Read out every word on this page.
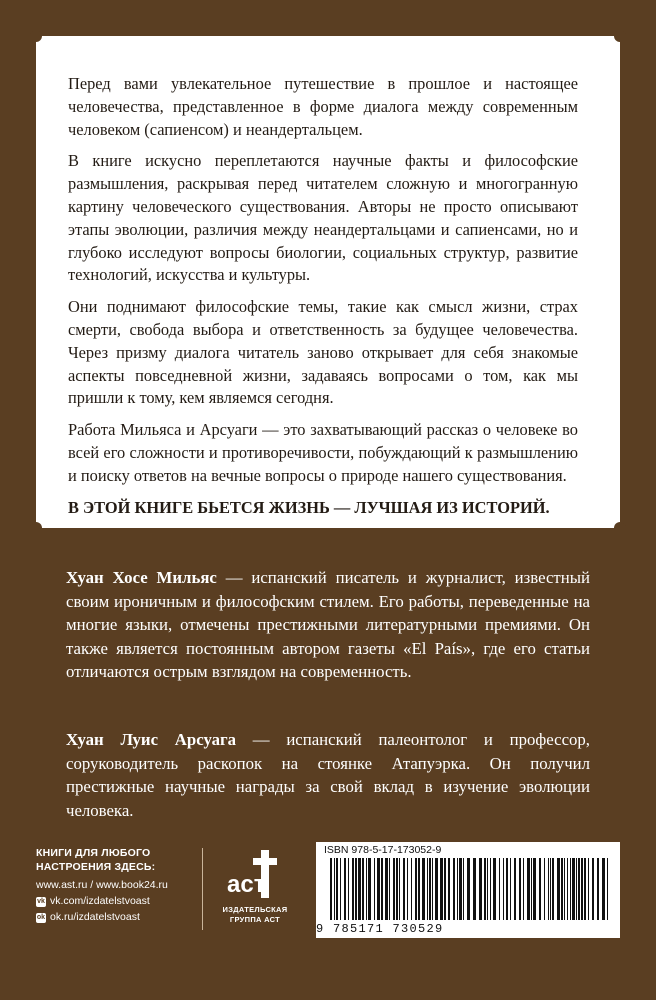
Перед вами увлекательное путешествие в прошлое и настоящее человечества, представленное в форме диалога между современным человеком (сапиенсом) и неандертальцем.

В книге искусно переплетаются научные факты и философские размышления, раскрывая перед читателем сложную и многогранную картину человеческого существования. Авторы не просто описывают этапы эволюции, различия между неандертальцами и сапиенсами, но и глубоко исследуют вопросы биологии, социальных структур, развитие технологий, искусства и культуры.

Они поднимают философские темы, такие как смысл жизни, страх смерти, свобода выбора и ответственность за будущее человечества. Через призму диалога читатель заново открывает для себя знакомые аспекты повседневной жизни, задаваясь вопросами о том, как мы пришли к тому, кем являемся сегодня.

Работа Мильяса и Арсуаги — это захватывающий рассказ о человеке во всей его сложности и противоречивости, побуждающий к размышлению и поиску ответов на вечные вопросы о природе нашего существования.

В ЭТОЙ КНИГЕ БЬЕТСЯ ЖИЗНЬ — ЛУЧШАЯ ИЗ ИСТОРИЙ.

Хуан Хосе Мильяс — испанский писатель и журналист, известный своим ироничным и философским стилем. Его работы, переведенные на многие языки, отмечены престижными литературными премиями. Он также является постоянным автором газеты «El País», где его статьи отличаются острым взглядом на современность.

Хуан Луис Арсуага — испанский палеонтолог и профессор, соруководитель раскопок на стоянке Атапуэрка. Он получил престижные научные награды за свой вклад в изучение эволюции человека.

КНИГИ ДЛЯ ЛЮБОГО
НАСТРОЕНИЯ ЗДЕСЬ:
www.ast.ru / www.book24.ru
vk vk.com/izdatelstvoast
ok ok.ru/izdatelstvoast
аст
ИЗДАТЕЛЬСКАЯ
ГРУППА АСТ
ISBN 978-5-17-173052-9
9 785171 730529
